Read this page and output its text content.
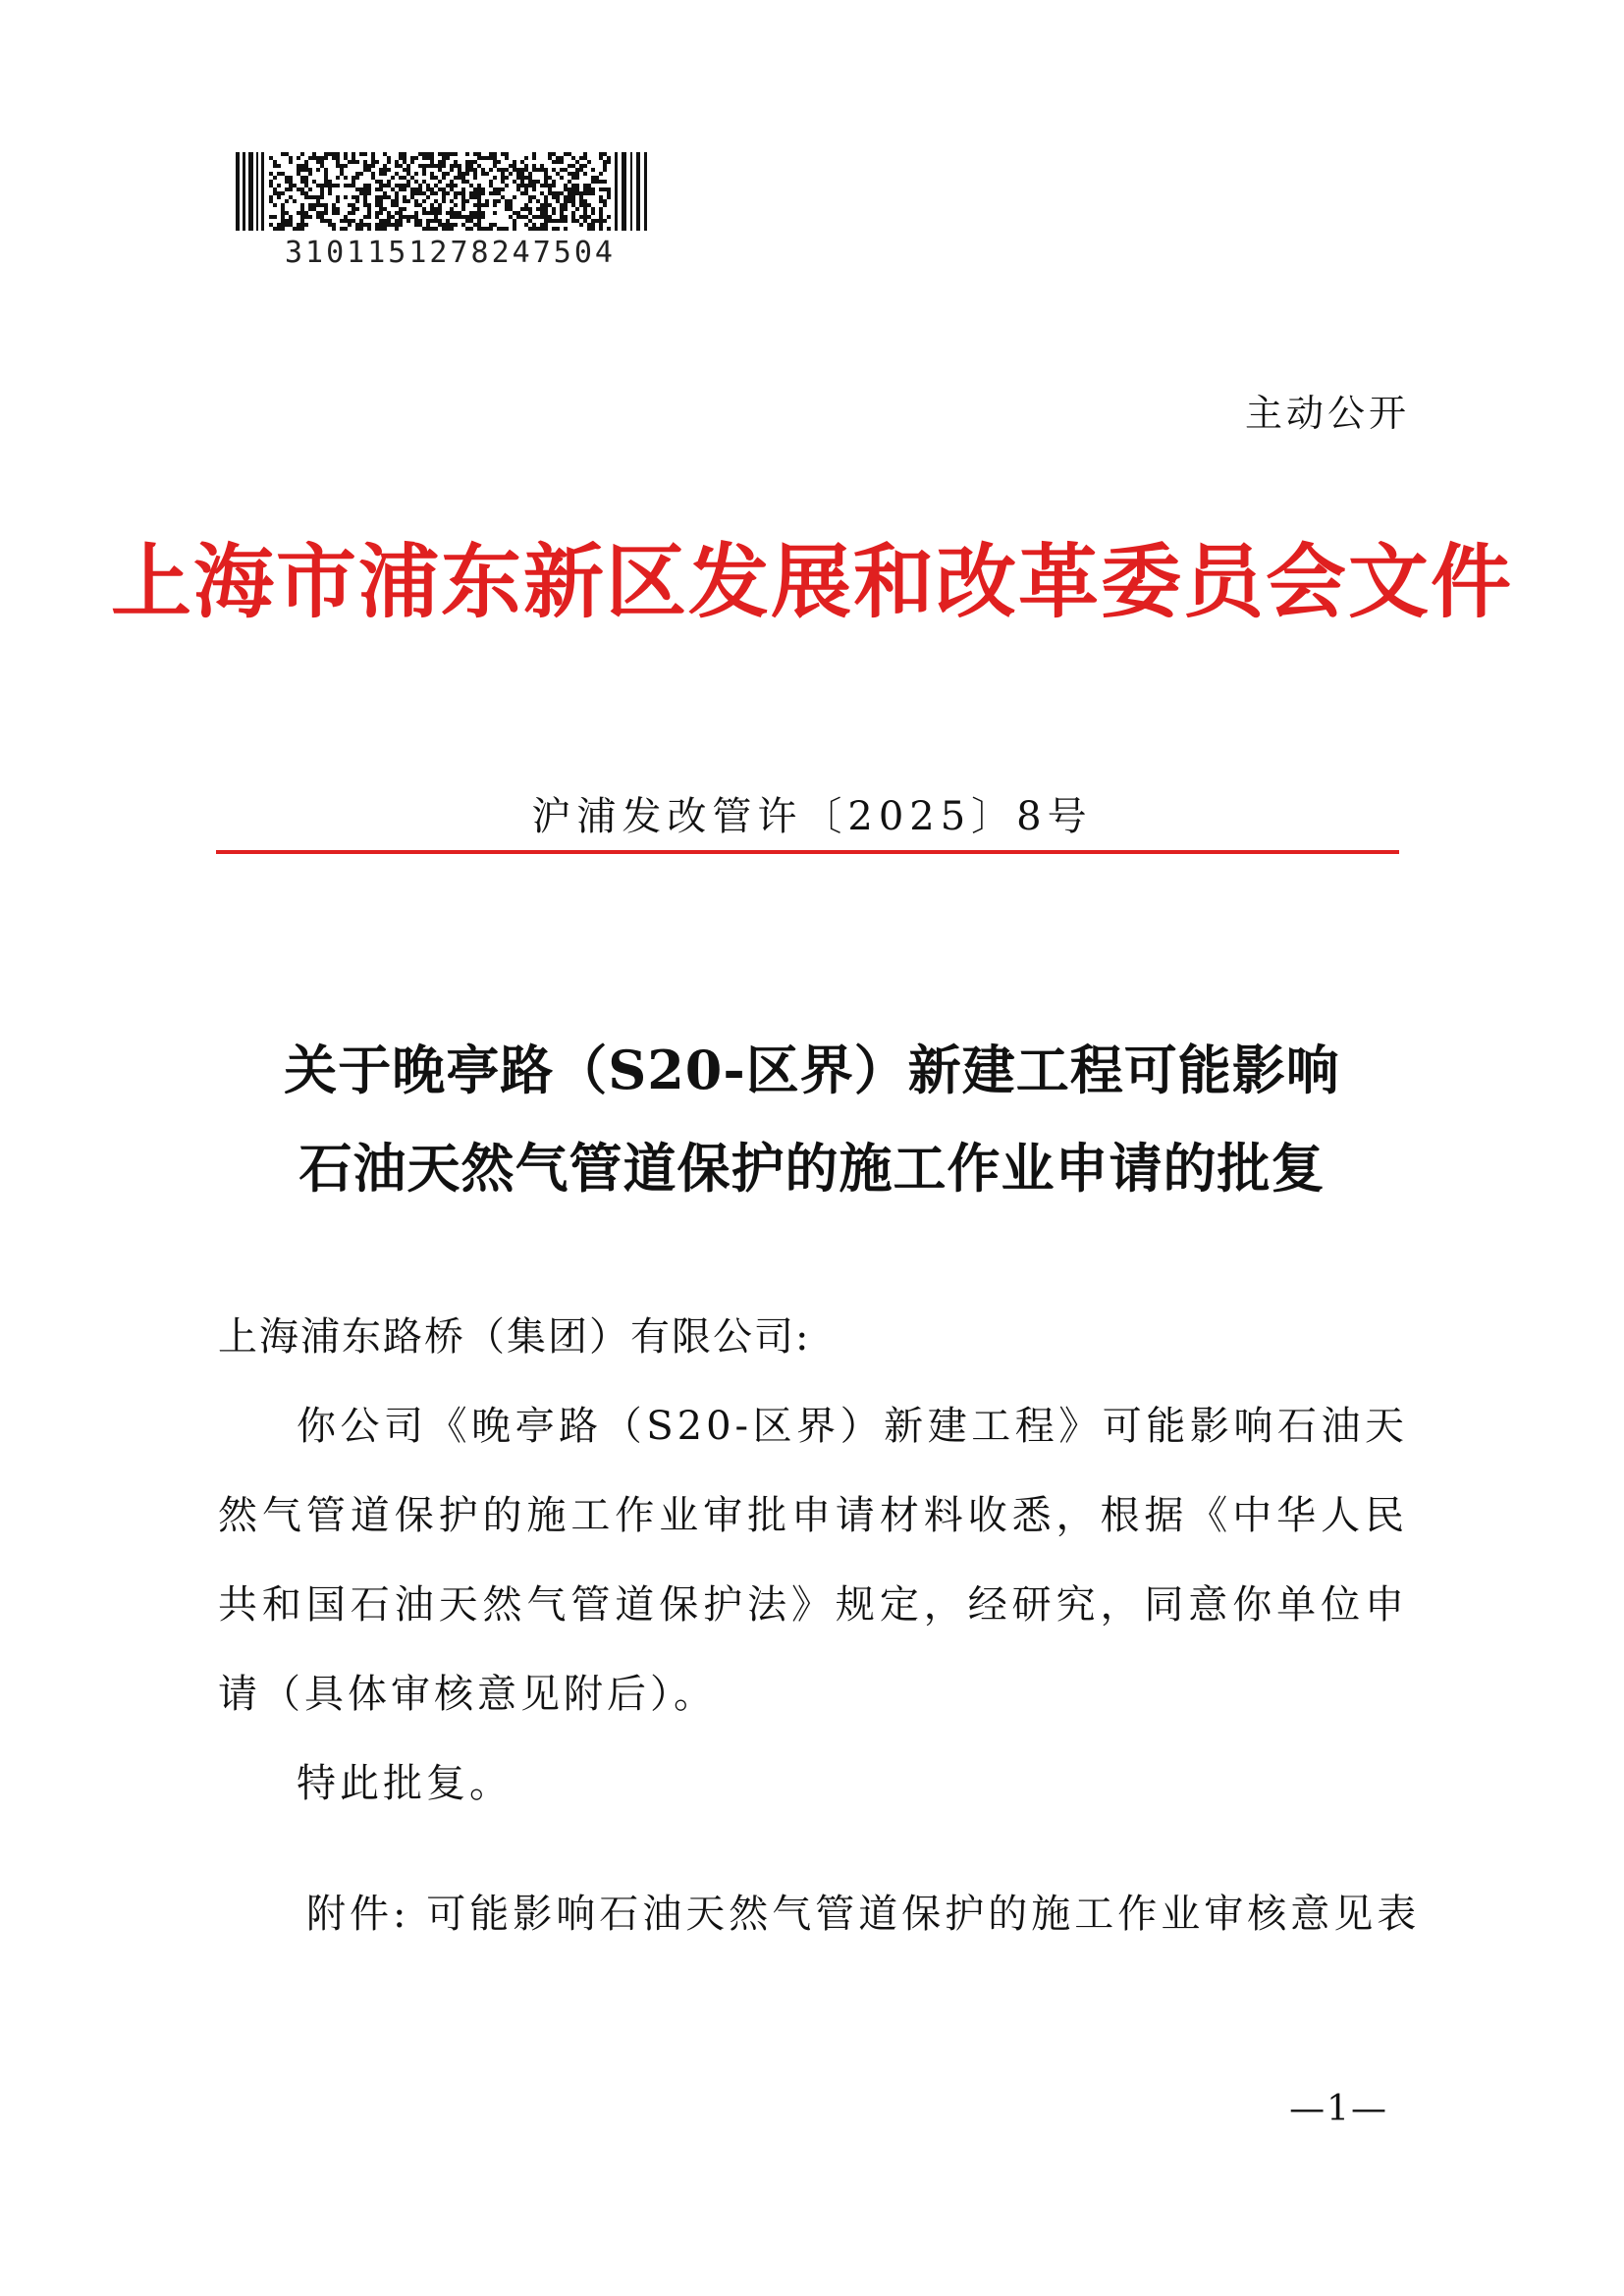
3101151278247504
主动公开
上海市浦东新区发展和改革委员会文件
沪浦发改管许〔2025〕8号
关于晚亭路（S20-区界）新建工程可能影响
石油天然气管道保护的施工作业申请的批复
上海浦东路桥（集团）有限公司:

你公司《晚亭路（S20-区界）新建工程》可能影响石油天然气管道保护的施工作业审批申请材料收悉，根据《中华人民共和国石油天然气管道保护法》规定，经研究，同意你单位申请（具体审核意见附后）。

特此批复。

附件: 可能影响石油天然气管道保护的施工作业审核意见表
—1—
